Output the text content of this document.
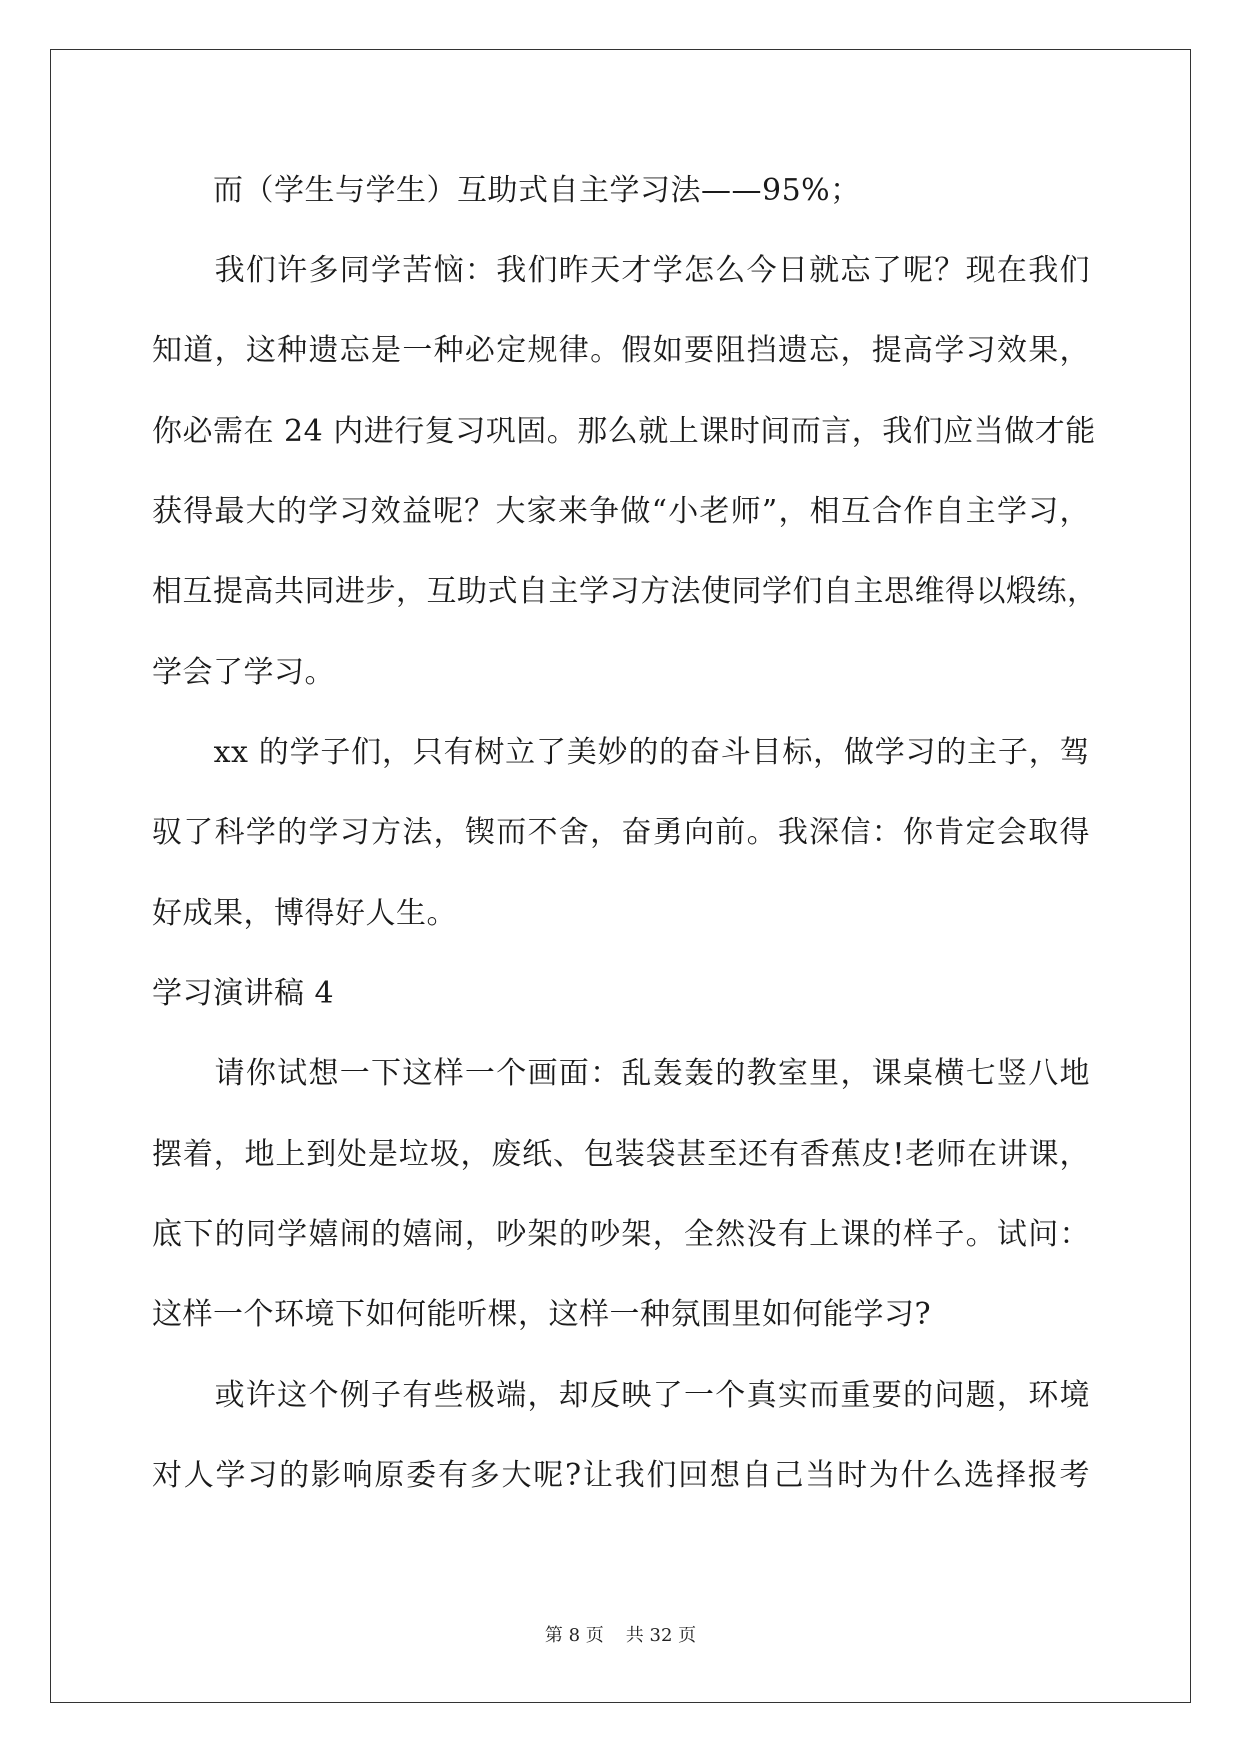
　　而（学生与学生）互助式自主学习法——95%；
　　我们许多同学苦恼：我们昨天才学怎么今日就忘了呢？现在我们
知道，这种遗忘是一种必定规律。假如要阻挡遗忘，提高学习效果，
你必需在 24 内进行复习巩固。那么就上课时间而言，我们应当做才能
获得最大的学习效益呢？大家来争做“小老师”，相互合作自主学习，
相互提高共同进步，互助式自主学习方法使同学们自主思维得以煅练，
学会了学习。
　　xx 的学子们，只有树立了美妙的的奋斗目标，做学习的主子，驾
驭了科学的学习方法，锲而不舍，奋勇向前。我深信：你肯定会取得
好成果，博得好人生。
学习演讲稿 4
　　请你试想一下这样一个画面：乱轰轰的教室里，课桌横七竖八地
摆着，地上到处是垃圾，废纸、包装袋甚至还有香蕉皮!老师在讲课，
底下的同学嬉闹的嬉闹，吵架的吵架，全然没有上课的样子。试问：
这样一个环境下如何能听棵，这样一种氛围里如何能学习?
　　或许这个例子有些极端，却反映了一个真实而重要的问题，环境
对人学习的影响原委有多大呢?让我们回想自己当时为什么选择报考
第 8 页 共 32 页
